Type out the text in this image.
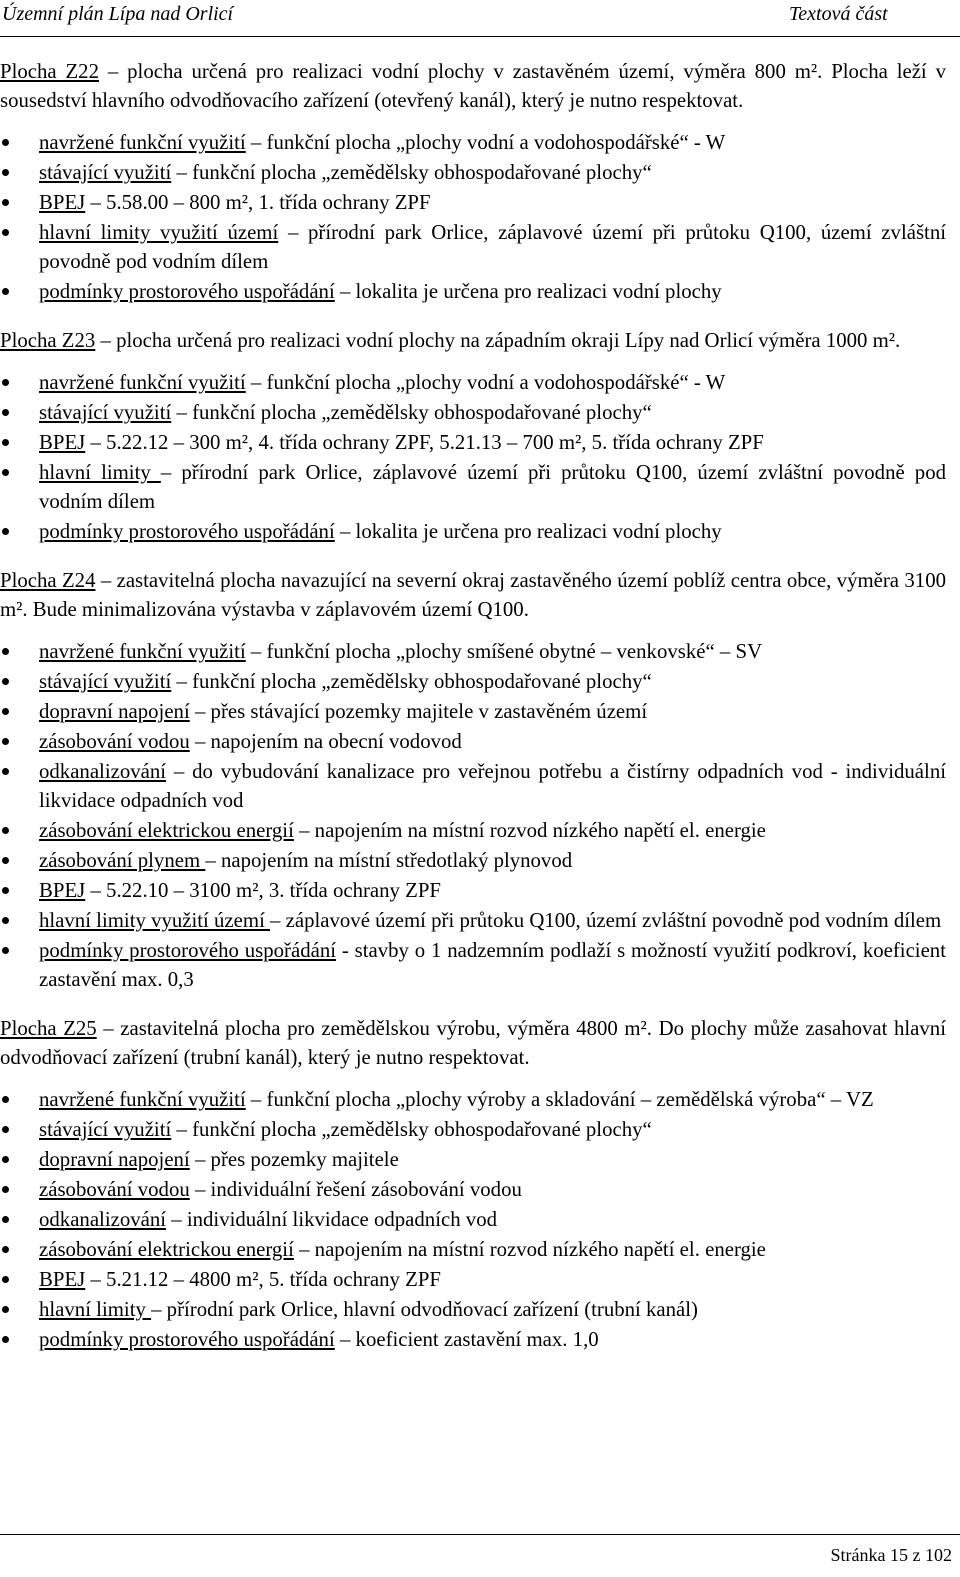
Územní plán Lípa nad Orlicí	Textová část

Plocha Z22 – plocha určená pro realizaci vodní plochy v zastavěném území, výměra 800 m². Plocha leží v sousedství hlavního odvodňovacího zařízení (otevřený kanál), který je nutno respektovat.

navržené funkční využití – funkční plocha „plochy vodní a vodohospodářské“ - W
stávající využití – funkční plocha „zemědělsky obhospodařované plochy“
BPEJ – 5.58.00 – 800 m², 1. třída ochrany ZPF
hlavní limity využití území – přírodní park Orlice, záplavové území při průtoku Q100, území zvláštní povodně pod vodním dílem
podmínky prostorového uspořádání – lokalita je určena pro realizaci vodní plochy

Plocha Z23 – plocha určená pro realizaci vodní plochy na západním okraji Lípy nad Orlicí výměra 1000 m².

navržené funkční využití – funkční plocha „plochy vodní a vodohospodářské“ - W
stávající využití – funkční plocha „zemědělsky obhospodařované plochy“
BPEJ – 5.22.12 – 300 m², 4. třída ochrany ZPF, 5.21.13 – 700 m², 5. třída ochrany ZPF
hlavní limity – přírodní park Orlice, záplavové území při průtoku Q100, území zvláštní povodně pod vodním dílem
podmínky prostorového uspořádání – lokalita je určena pro realizaci vodní plochy

Plocha Z24 – zastavitelná plocha navazující na severní okraj zastavěného území poblíž centra obce, výměra 3100 m². Bude minimalizována výstavba v záplavovém území Q100.

navržené funkční využití – funkční plocha „plochy smíšené obytné – venkovské“ – SV
stávající využití – funkční plocha „zemědělsky obhospodařované plochy“
dopravní napojení – přes stávající pozemky majitele v zastavěném území
zásobování vodou – napojením na obecní vodovod
odkanalizování – do vybudování kanalizace pro veřejnou potřebu a čistírny odpadních vod - individuální likvidace odpadních vod
zásobování elektrickou energií – napojením na místní rozvod nízkého napětí el. energie
zásobování plynem – napojením na místní středotlaký plynovod
BPEJ – 5.22.10 – 3100 m², 3. třída ochrany ZPF
hlavní limity využití území – záplavové území při průtoku Q100, území zvláštní povodně pod vodním dílem
podmínky prostorového uspořádání - stavby o 1 nadzemním podlaží s možností využití podkroví, koeficient zastavění max. 0,3

Plocha Z25 – zastavitelná plocha pro zemědělskou výrobu, výměra 4800 m². Do plochy může zasahovat hlavní odvodňovací zařízení (trubní kanál), který je nutno respektovat.

navržené funkční využití – funkční plocha „plochy výroby a skladování – zemědělská výroba“ – VZ
stávající využití – funkční plocha „zemědělsky obhospodařované plochy“
dopravní napojení – přes pozemky majitele
zásobování vodou – individuální řešení zásobování vodou
odkanalizování – individuální likvidace odpadních vod
zásobování elektrickou energií – napojením na místní rozvod nízkého napětí el. energie
BPEJ – 5.21.12 – 4800 m², 5. třída ochrany ZPF
hlavní limity – přírodní park Orlice, hlavní odvodňovací zařízení (trubní kanál)
podmínky prostorového uspořádání – koeficient zastavění max. 1,0
Stránka 15 z 102
